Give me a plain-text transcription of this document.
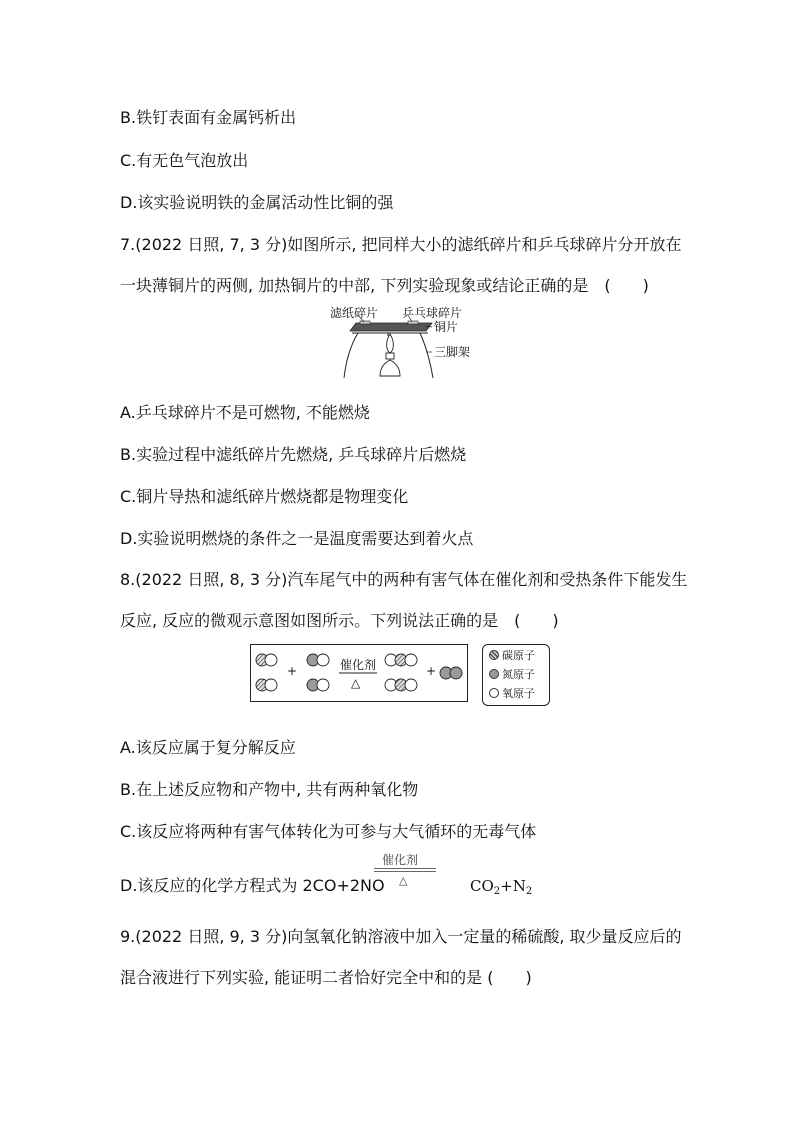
B.铁钉表面有金属钙析出
C.有无色气泡放出
D.该实验说明铁的金属活动性比铜的强
7.(2022 日照, 7, 3 分)如图所示, 把同样大小的滤纸碎片和乒乓球碎片分开放在
一块薄铜片的两侧, 加热铜片的中部, 下列实验现象或结论正确的是　(　　)
滤纸碎片 乒乓球碎片
铜片
三脚架
A.乒乓球碎片不是可燃物, 不能燃烧
B.实验过程中滤纸碎片先燃烧, 乒乓球碎片后燃烧
C.铜片导热和滤纸碎片燃烧都是物理变化
D.实验说明燃烧的条件之一是温度需要达到着火点
8.(2022 日照, 8, 3 分)汽车尾气中的两种有害气体在催化剂和受热条件下能发生
反应, 反应的微观示意图如图所示。下列说法正确的是　(　　)
+	催化剂
△
+
碳原子
氮原子
氧原子
A.该反应属于复分解反应
B.在上述反应物和产物中, 共有两种氧化物
C.该反应将两种有害气体转化为可参与大气循环的无毒气体
D.该反应的化学方程式为 2CO+2NO
催化剂
△	$CO_2+N_2$
9.(2022 日照, 9, 3 分)向氢氧化钠溶液中加入一定量的稀硫酸, 取少量反应后的
混合液进行下列实验, 能证明二者恰好完全中和的是 (　　)
